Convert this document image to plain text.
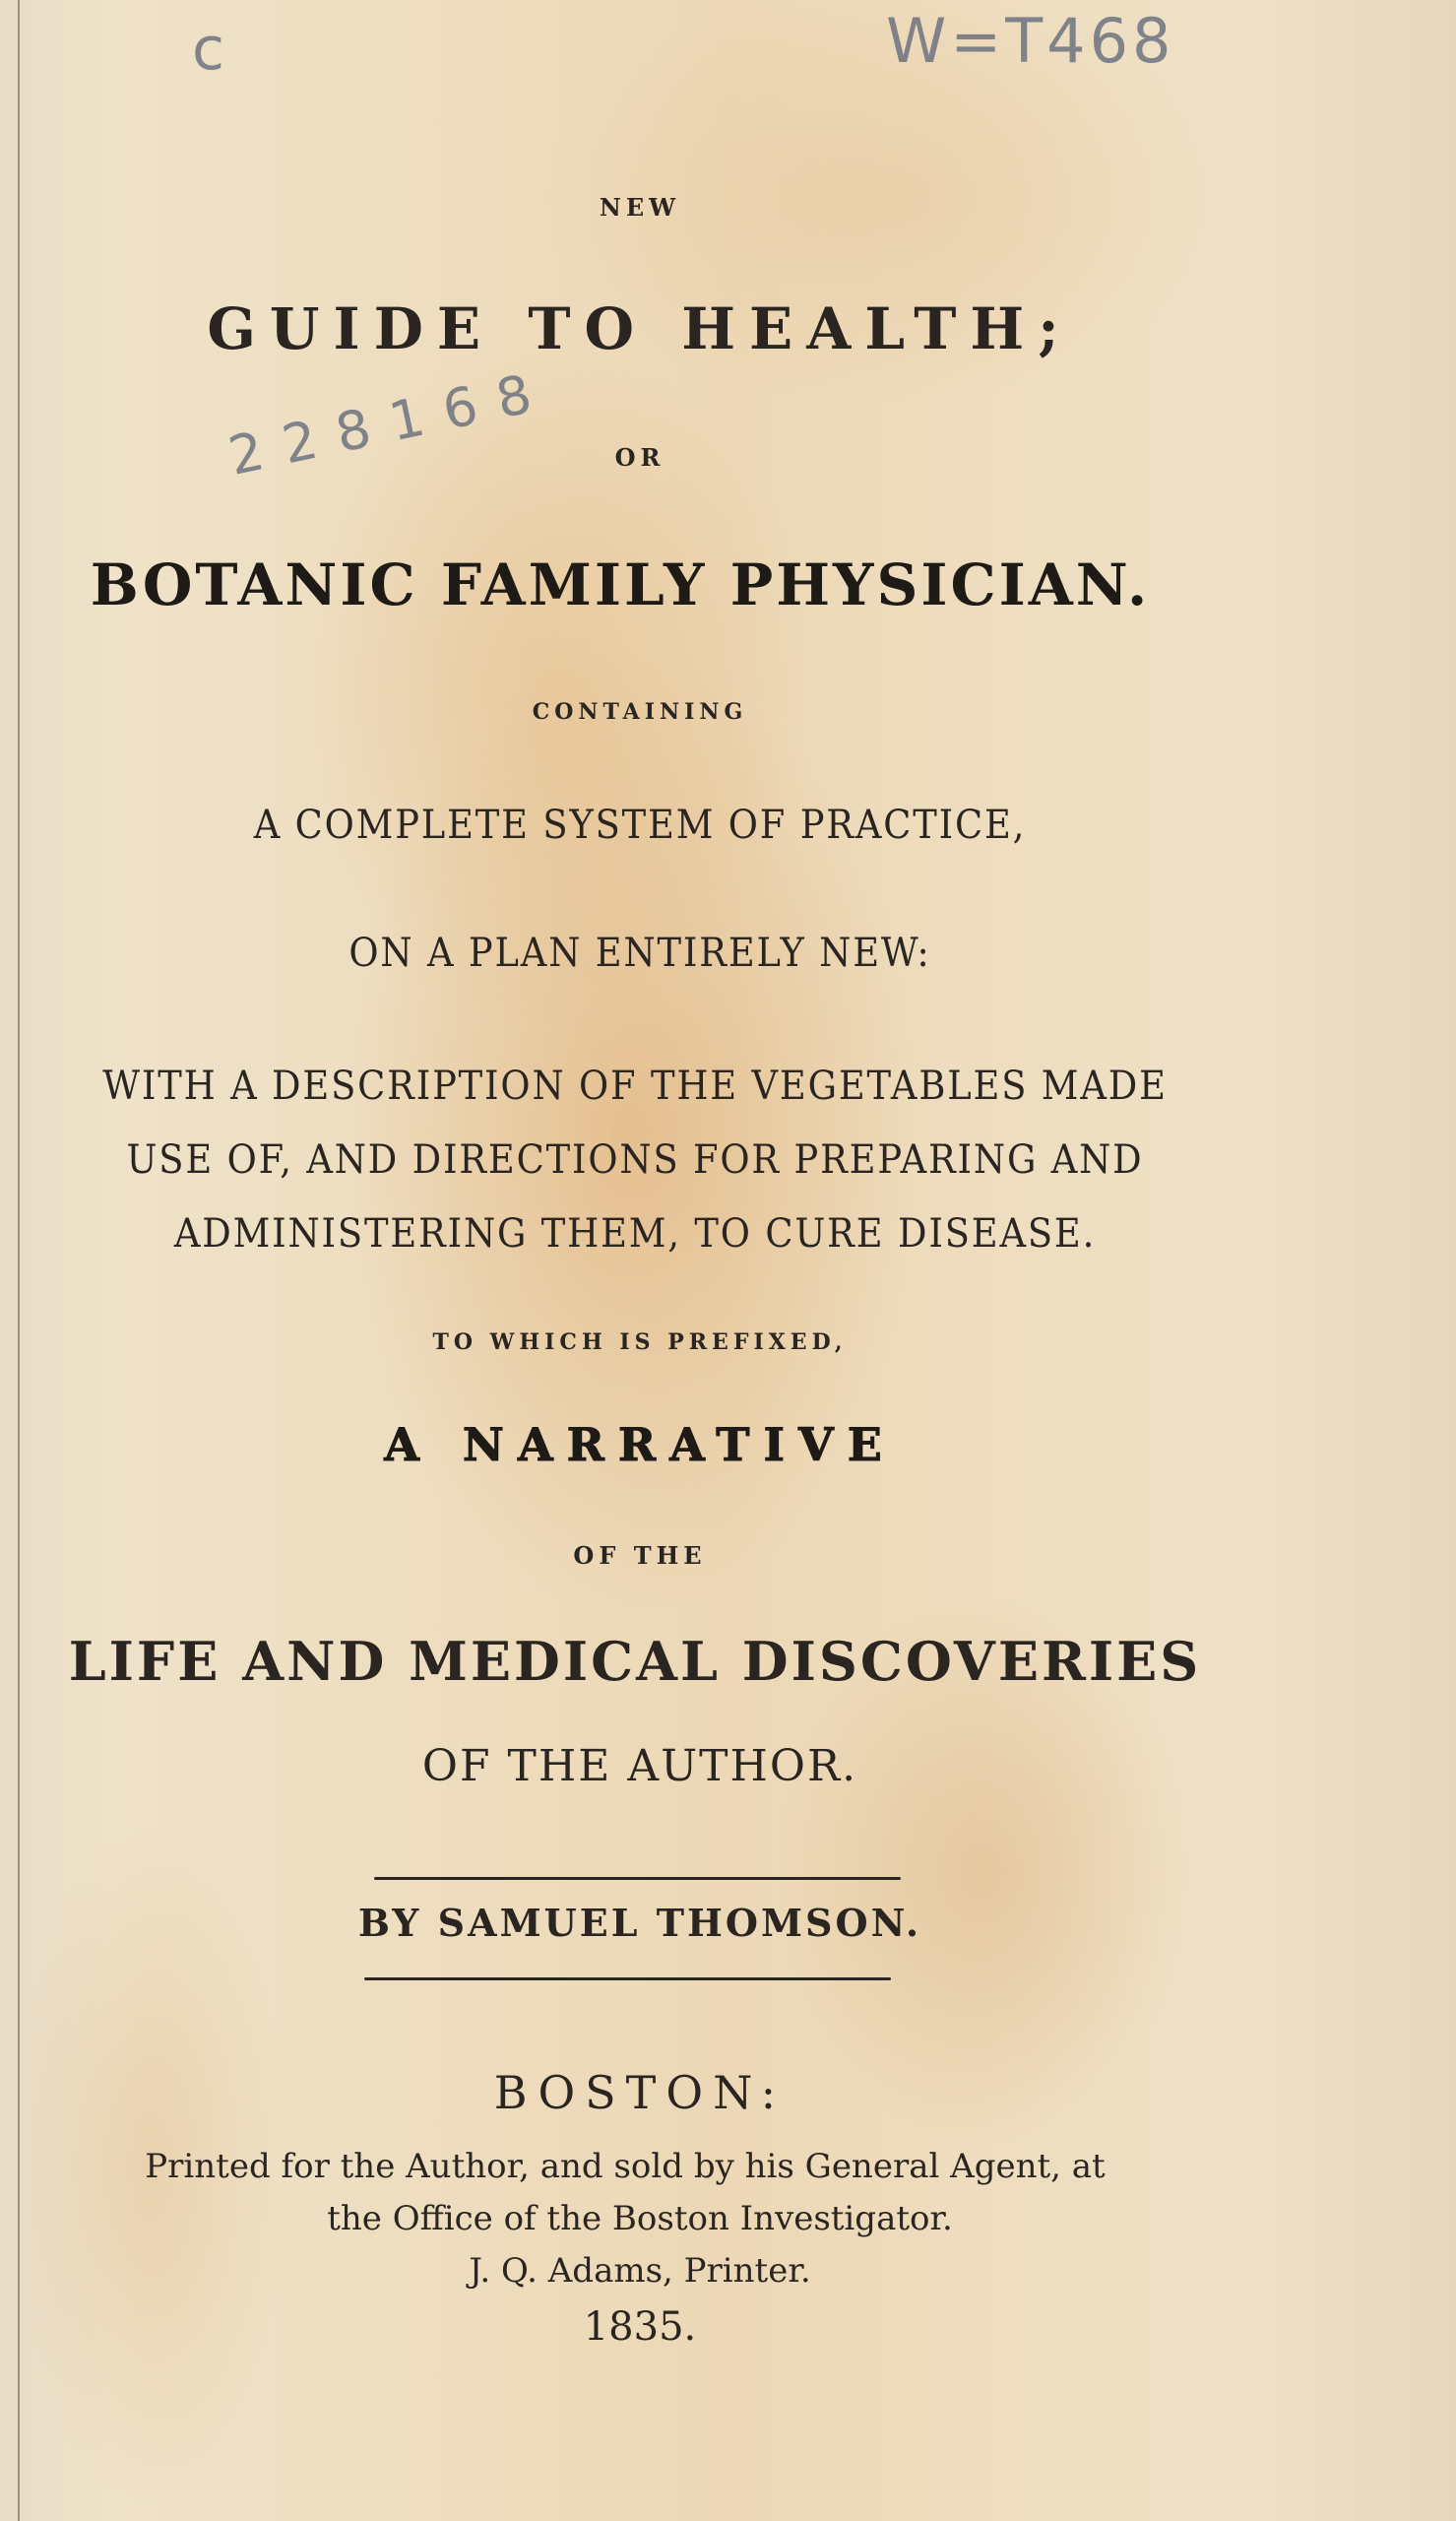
c	W=T468
2 2 8 1 6 8
NEW
GUIDE TO HEALTH;
OR
BOTANIC FAMILY PHYSICIAN.
CONTAINING
A COMPLETE SYSTEM OF PRACTICE,
ON A PLAN ENTIRELY NEW:
WITH A DESCRIPTION OF THE VEGETABLES MADE
USE OF, AND DIRECTIONS FOR PREPARING AND
ADMINISTERING THEM, TO CURE DISEASE.
TO WHICH IS PREFIXED,
A NARRATIVE
OF THE
LIFE AND MEDICAL DISCOVERIES
OF THE AUTHOR.
BY SAMUEL THOMSON.
BOSTON:
Printed for the Author, and sold by his General Agent, at
the Office of the Boston Investigator.
J. Q. Adams, Printer.
1835.
